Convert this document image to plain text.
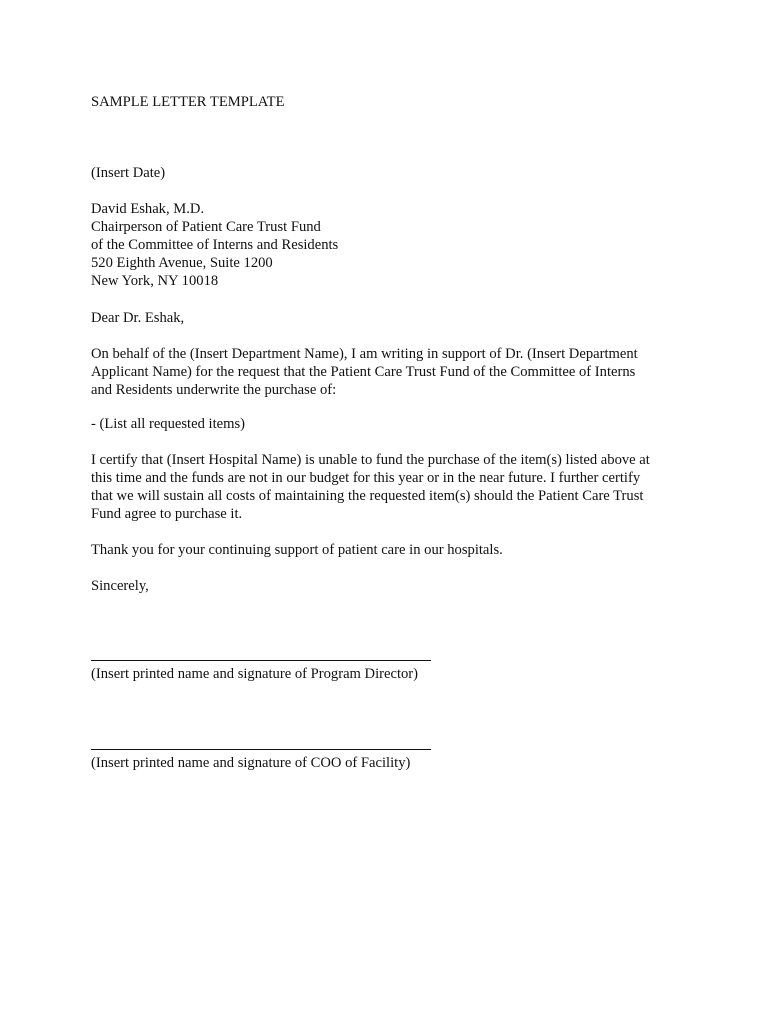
SAMPLE LETTER TEMPLATE
(Insert Date)
David Eshak, M.D.
Chairperson of Patient Care Trust Fund
of the Committee of Interns and Residents
520 Eighth Avenue, Suite 1200
New York, NY 10018
Dear Dr. Eshak,
On behalf of the (Insert Department Name), I am writing in support of Dr. (Insert Department
Applicant Name) for the request that the Patient Care Trust Fund of the Committee of Interns
and Residents underwrite the purchase of:
- (List all requested items)
I certify that (Insert Hospital Name) is unable to fund the purchase of the item(s) listed above at
this time and the funds are not in our budget for this year or in the near future. I further certify
that we will sustain all costs of maintaining the requested item(s) should the Patient Care Trust
Fund agree to purchase it.
Thank you for your continuing support of patient care in our hospitals.
Sincerely,
(Insert printed name and signature of Program Director)
(Insert printed name and signature of COO of Facility)
